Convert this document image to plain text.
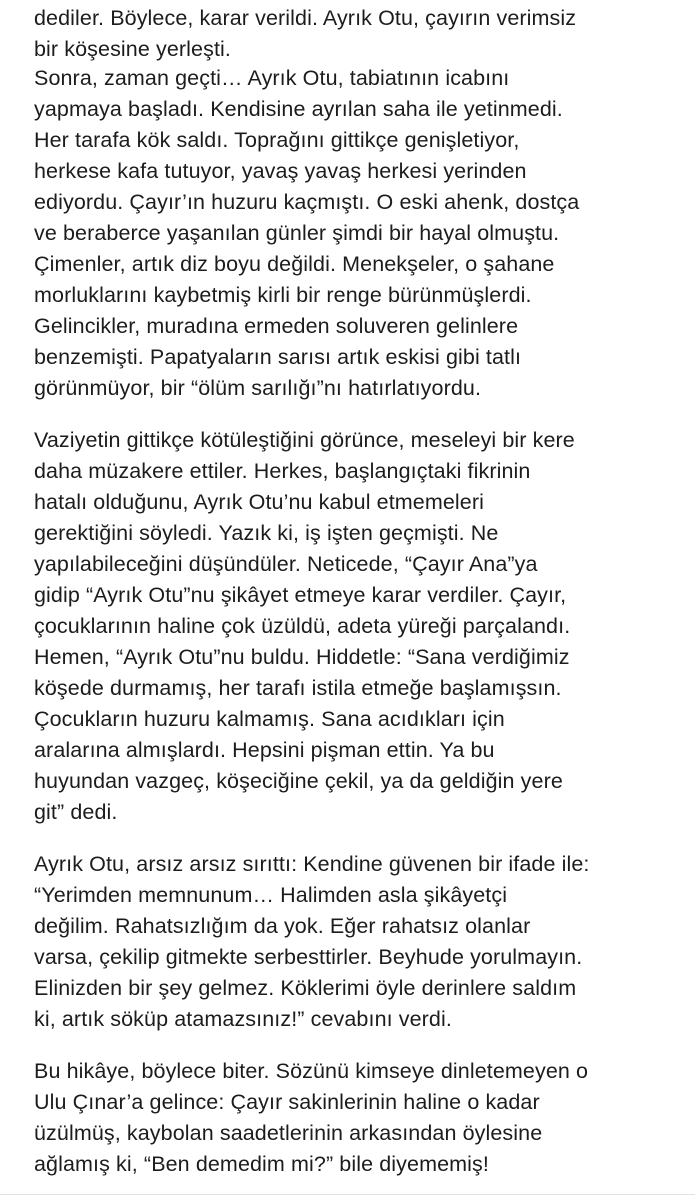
dediler. Böylece, karar verildi. Ayrık Otu, çayırın verimsiz
bir köşesine yerleşti.
Sonra, zaman geçti… Ayrık Otu, tabiatının icabını
yapmaya başladı. Kendisine ayrılan saha ile yetinmedi.
Her tarafa kök saldı. Toprağını gittikçe genişletiyor,
herkese kafa tutuyor, yavaş yavaş herkesi yerinden
ediyordu. Çayır’ın huzuru kaçmıştı. O eski ahenk, dostça
ve beraberce yaşanılan günler şimdi bir hayal olmuştu.
Çimenler, artık diz boyu değildi. Menekşeler, o şahane
morluklarını kaybetmiş kirli bir renge bürünmüşlerdi.
Gelincikler, muradına ermeden soluveren gelinlere
benzemişti. Papatyaların sarısı artık eskisi gibi tatlı
görünmüyor, bir “ölüm sarılığı”nı hatırlatıyordu.
Vaziyetin gittikçe kötüleştiğini görünce, meseleyi bir kere
daha müzakere ettiler. Herkes, başlangıçtaki fikrinin
hatalı olduğunu, Ayrık Otu’nu kabul etmemeleri
gerektiğini söyledi. Yazık ki, iş işten geçmişti. Ne
yapılabileceğini düşündüler. Neticede, “Çayır Ana”ya
gidip “Ayrık Otu”nu şikâyet etmeye karar verdiler. Çayır,
çocuklarının haline çok üzüldü, adeta yüreği parçalandı.
Hemen, “Ayrık Otu”nu buldu. Hiddetle: “Sana verdiğimiz
köşede durmamış, her tarafı istila etmeğe başlamışsın.
Çocukların huzuru kalmamış. Sana acıdıkları için
aralarına almışlardı. Hepsini pişman ettin. Ya bu
huyundan vazgeç, köşeciğine çekil, ya da geldiğin yere
git” dedi.
Ayrık Otu, arsız arsız sırıttı: Kendine güvenen bir ifade ile:
“Yerimden memnunum… Halimden asla şikâyetçi
değilim. Rahatsızlığım da yok. Eğer rahatsız olanlar
varsa, çekilip gitmekte serbesttirler. Beyhude yorulmayın.
Elinizden bir şey gelmez. Köklerimi öyle derinlere saldım
ki, artık söküp atamazsınız!” cevabını verdi.
Bu hikâye, böylece biter. Sözünü kimseye dinletemeyen o
Ulu Çınar’a gelince: Çayır sakinlerinin haline o kadar
üzülmüş, kaybolan saadetlerinin arkasından öylesine
ağlamış ki, “Ben demedim mi?” bile diyememiş!
